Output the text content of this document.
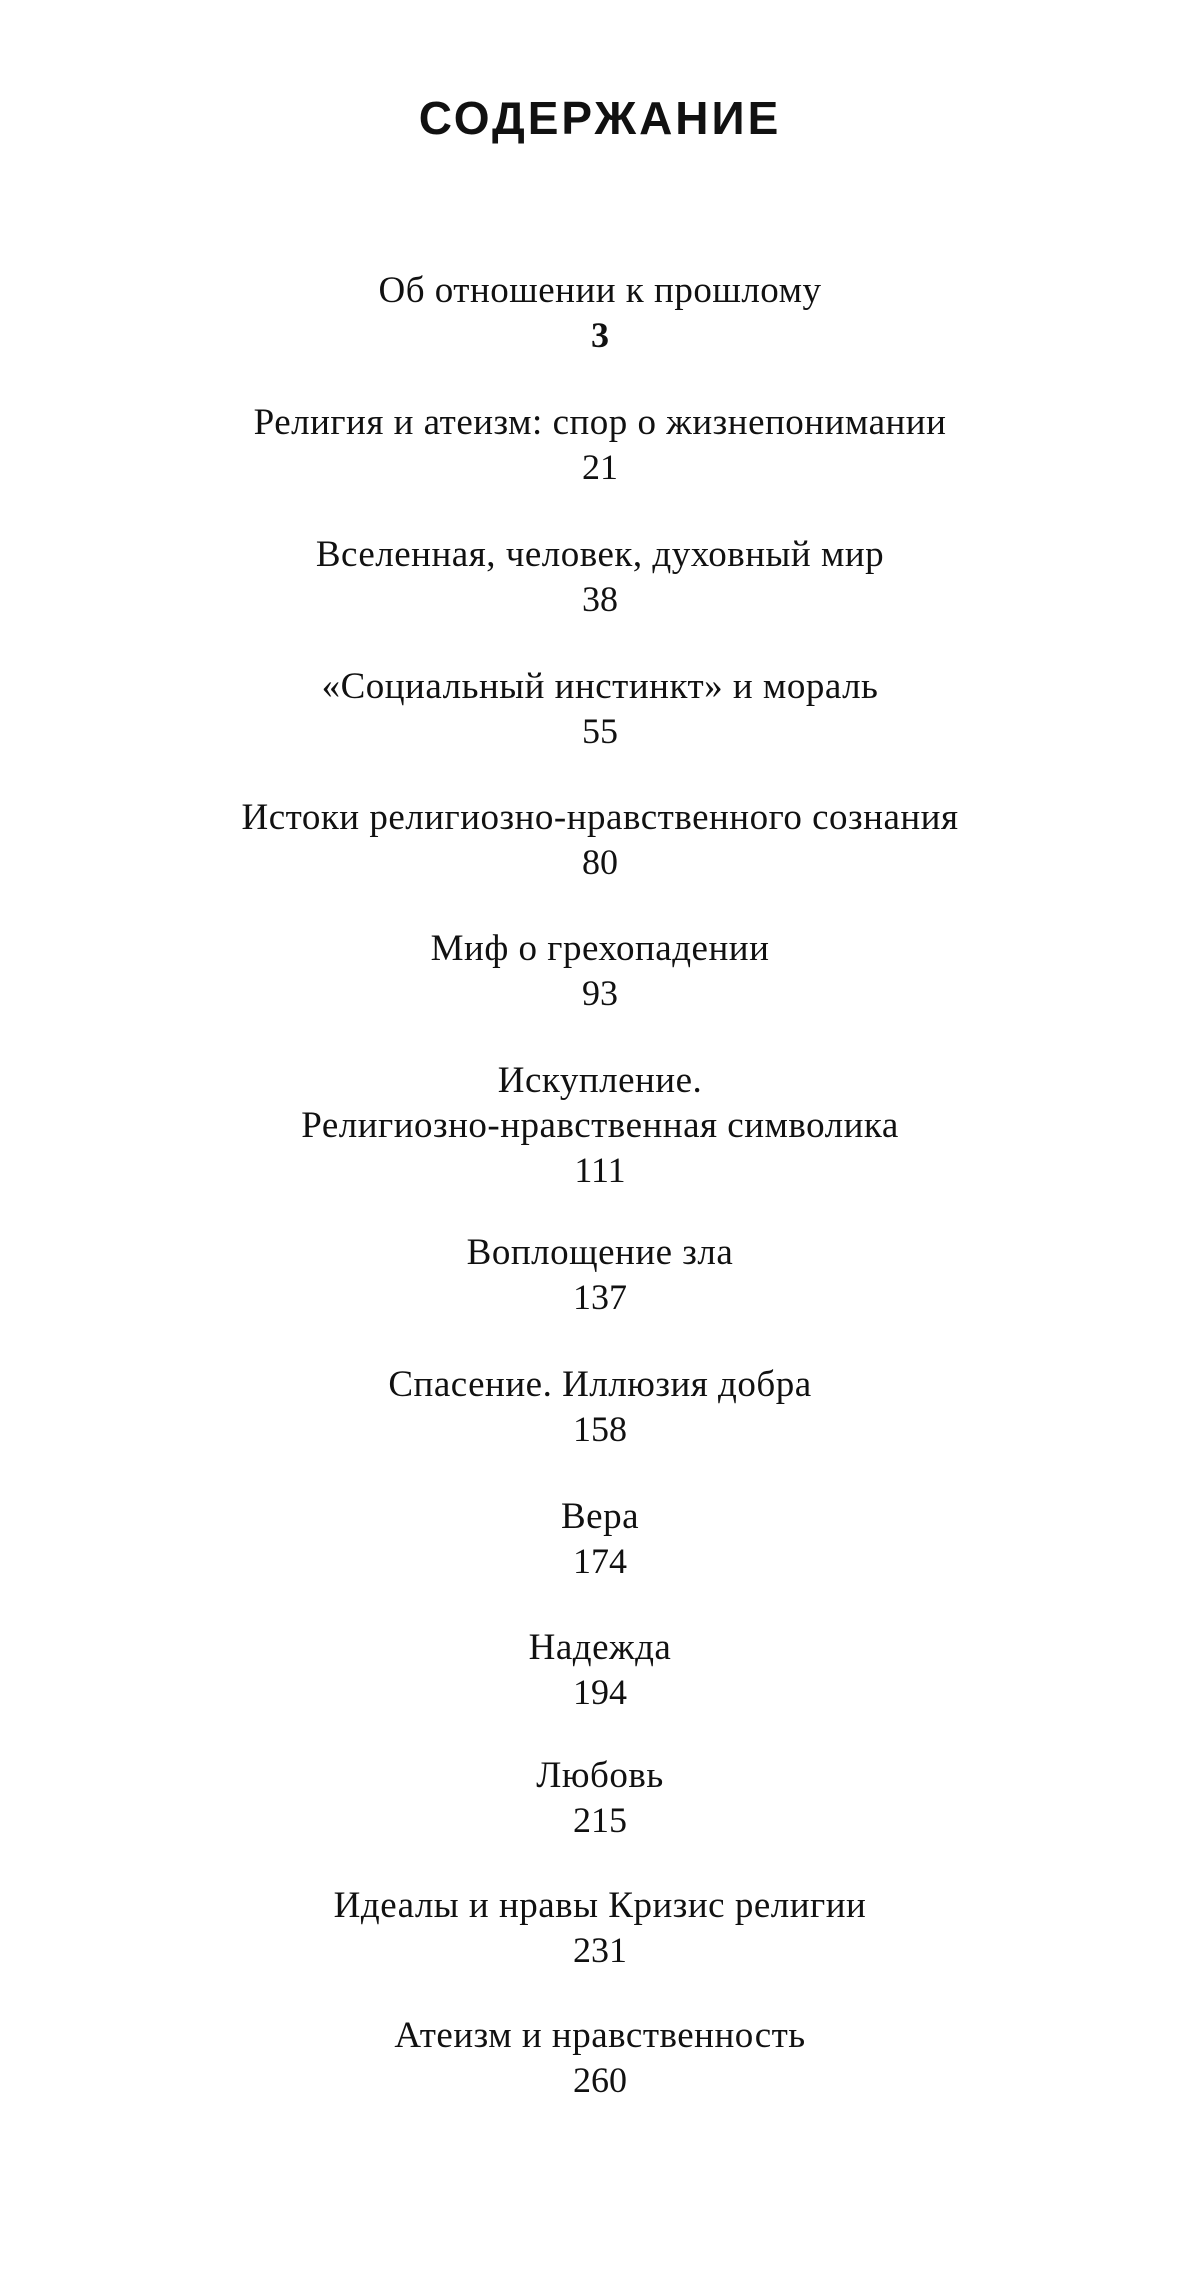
СОДЕРЖАНИЕ
Об отношении к прошлому
3
Религия и атеизм: спор о жизнепонимании
21
Вселенная, человек, духовный мир
38
«Социальный инстинкт» и мораль
55
Истоки религиозно-нравственного сознания
80
Миф о грехопадении
93
Искупление.
Религиозно-нравственная символика
111
Воплощение зла
137
Спасение. Иллюзия добра
158
Вера
174
Надежда
194
Любовь
215
Идеалы и нравы Кризис религии
231
Атеизм и нравственность
260
